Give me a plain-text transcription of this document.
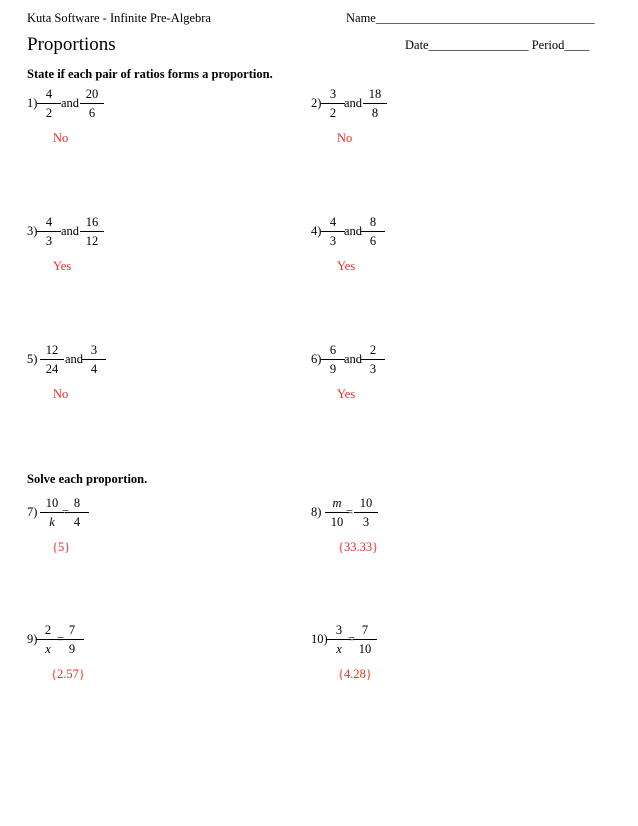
Kuta Software - Infinite Pre-Algebra	Name___________________________________
Proportions	Date________________ Period____
State if each pair of ratios forms a proportion.
Solve each proportion.
1)
4
2
and
20
6
No
2)
3
2
and
18
8
No
3)
4
3
and
16
12
Yes
4)
4
3
and
8
6
Yes
5)
12
24
and
3
4
No
6)
6
9
and
2
3
Yes
7)
10
k
=
8
4
{5}
8)
m
10
=
10
3
{33.33}
9)
2
x
=
7
9
{2.57}
10)
3
x
=
7
10
{4.28}
